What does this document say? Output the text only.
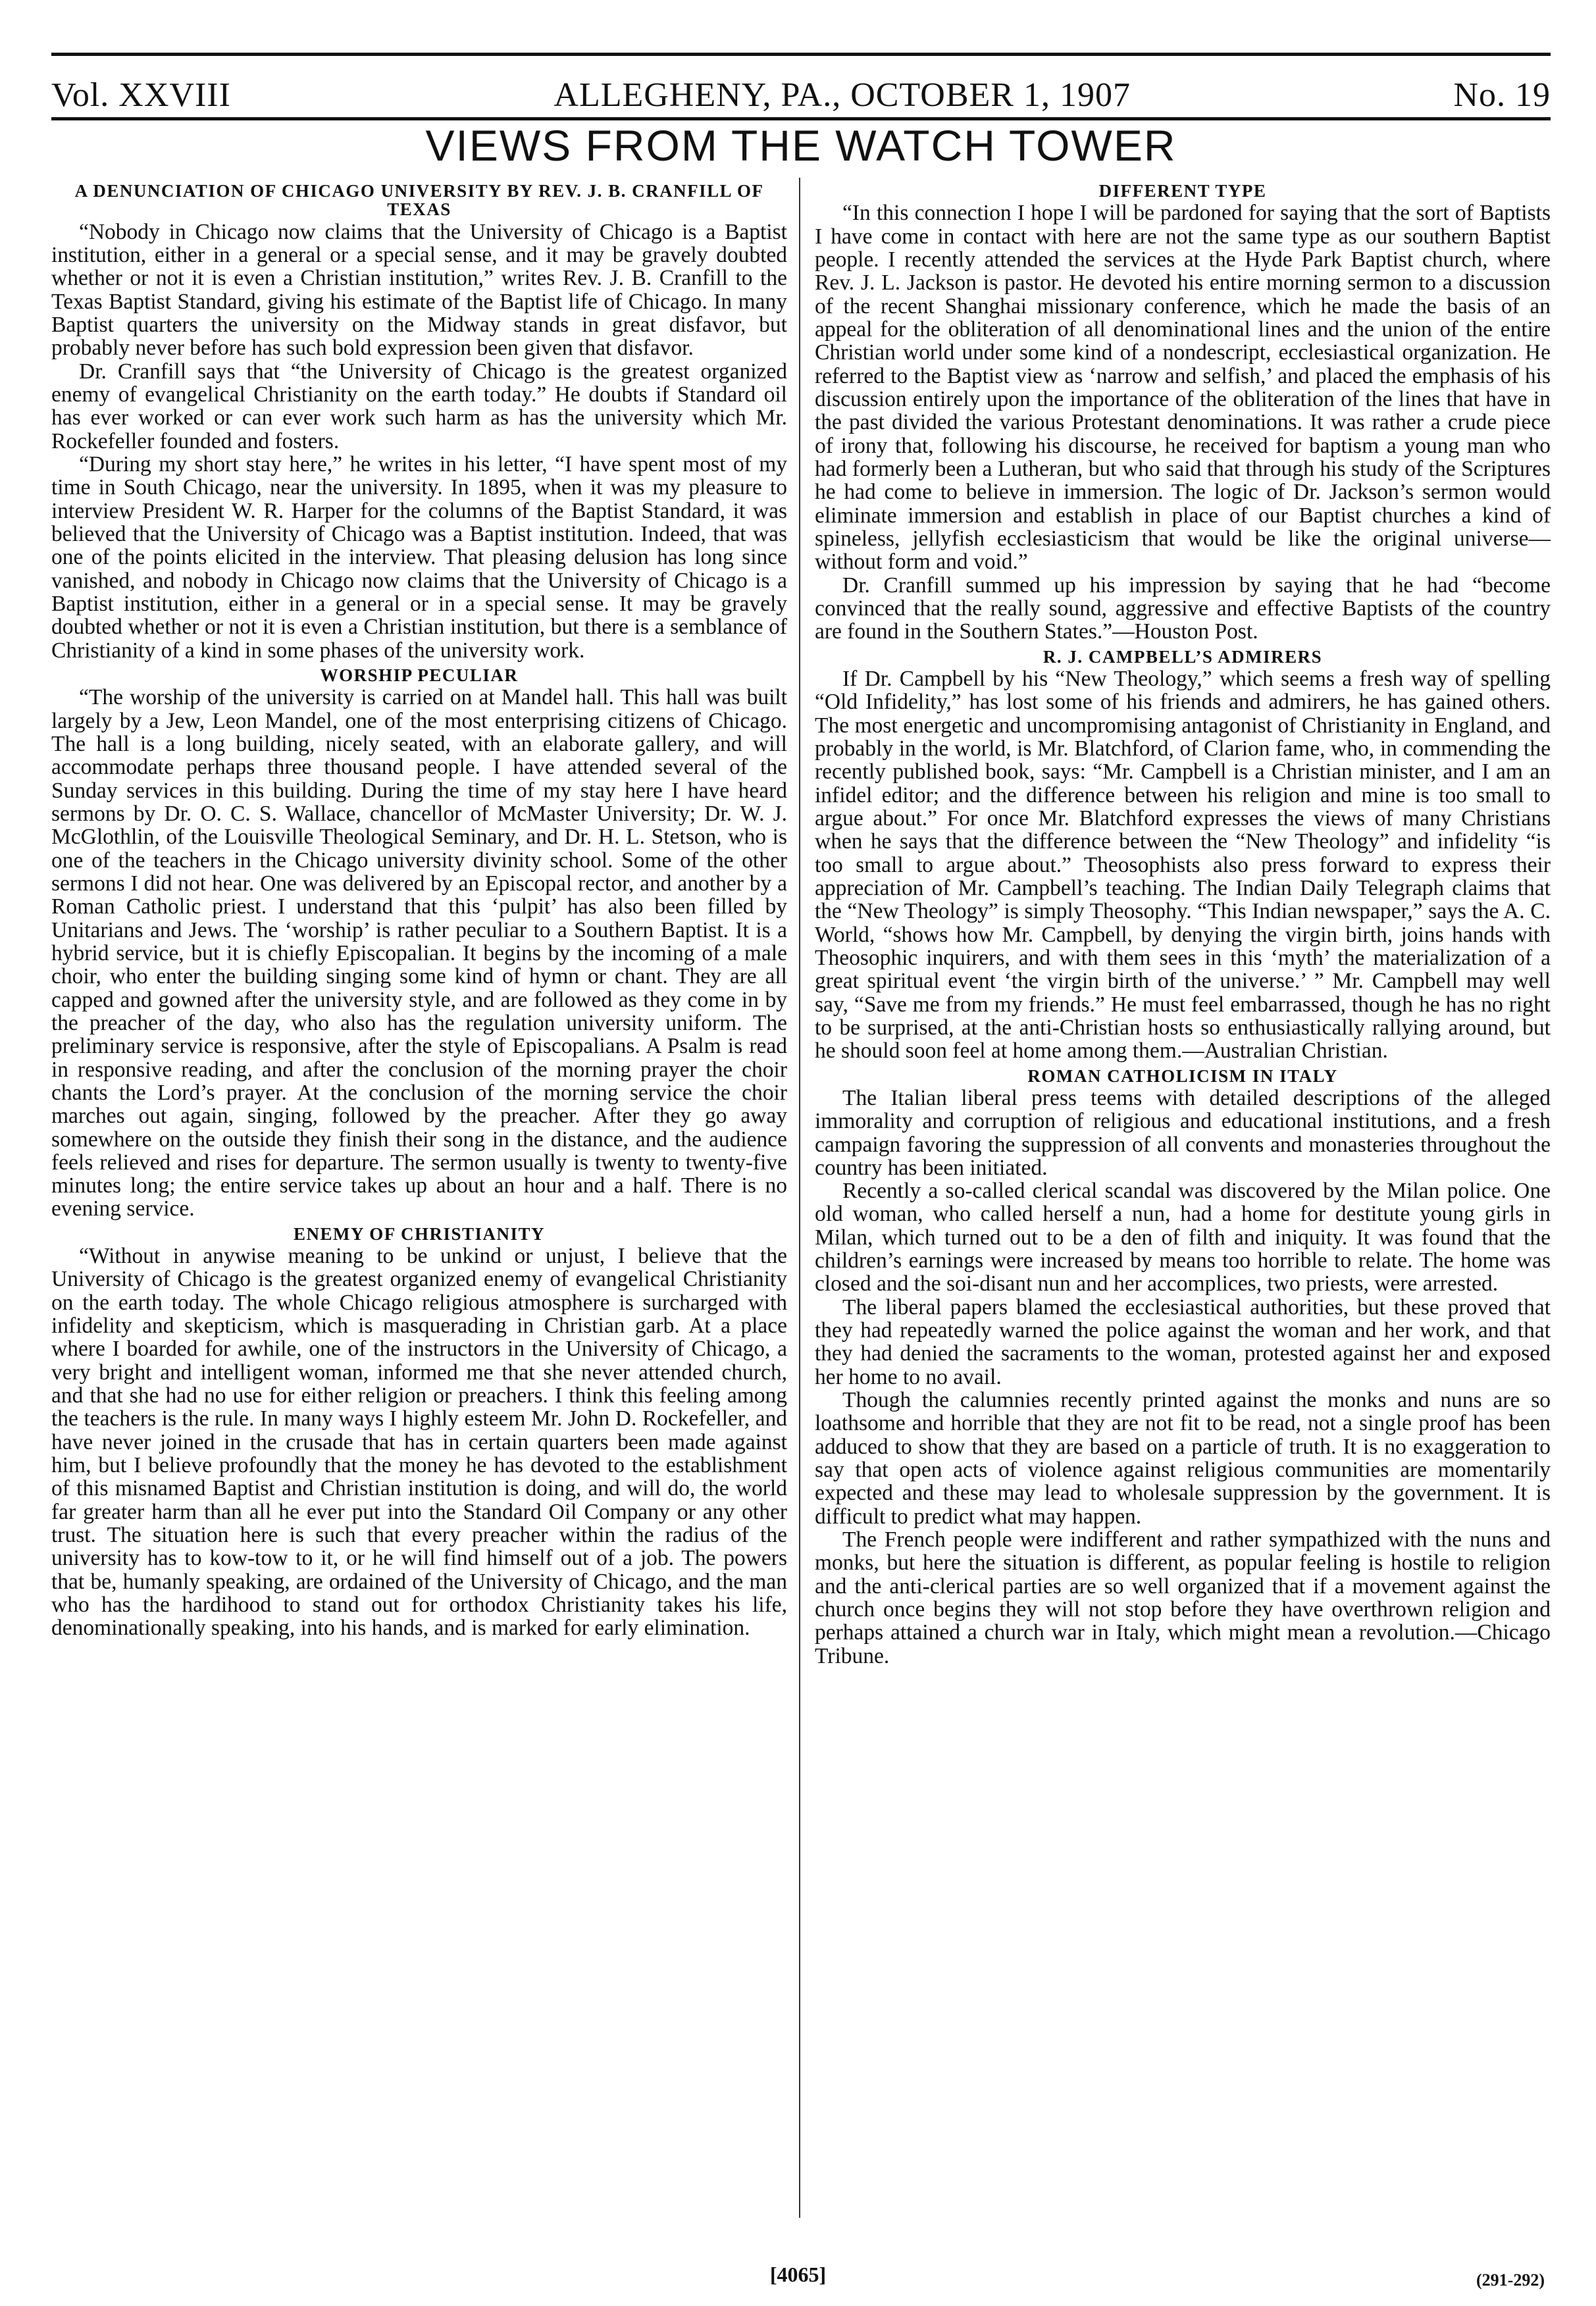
Vol. XXVIII	ALLEGHENY, PA., OCTOBER 1, 1907	No. 19
VIEWS FROM THE WATCH TOWER
A DENUNCIATION OF CHICAGO UNIVERSITY BY REV. J. B. CRANFILL OF TEXAS

“Nobody in Chicago now claims that the University of Chicago is a Baptist institution, either in a general or a special sense, and it may be gravely doubted whether or not it is even a Christian institution,” writes Rev. J. B. Cranfill to the Texas Baptist Standard, giving his estimate of the Baptist life of Chicago. In many Baptist quarters the university on the Midway stands in great disfavor, but probably never before has such bold expression been given that disfavor.

Dr. Cranfill says that “the University of Chicago is the greatest organized enemy of evangelical Christianity on the earth today.” He doubts if Standard oil has ever worked or can ever work such harm as has the university which Mr. Rockefeller founded and fosters.

“During my short stay here,” he writes in his letter, “I have spent most of my time in South Chicago, near the university. In 1895, when it was my pleasure to interview President W. R. Harper for the columns of the Baptist Standard, it was believed that the University of Chicago was a Baptist institution. Indeed, that was one of the points elicited in the interview. That pleasing delusion has long since vanished, and nobody in Chicago now claims that the University of Chicago is a Baptist institution, either in a general or in a special sense. It may be gravely doubted whether or not it is even a Christian institution, but there is a semblance of Christianity of a kind in some phases of the university work.

WORSHIP PECULIAR

“The worship of the university is carried on at Mandel hall. This hall was built largely by a Jew, Leon Mandel, one of the most enterprising citizens of Chicago. The hall is a long building, nicely seated, with an elaborate gallery, and will accommodate perhaps three thousand people. I have attended several of the Sunday services in this building. During the time of my stay here I have heard sermons by Dr. O. C. S. Wallace, chancellor of McMaster University; Dr. W. J. McGlothlin, of the Louisville Theological Seminary, and Dr. H. L. Stetson, who is one of the teachers in the Chicago university divinity school. Some of the other sermons I did not hear. One was delivered by an Episcopal rector, and another by a Roman Catholic priest. I understand that this ‘pulpit’ has also been filled by Unitarians and Jews. The ‘worship’ is rather peculiar to a Southern Baptist. It is a hybrid service, but it is chiefly Episcopalian. It begins by the incoming of a male choir, who enter the building singing some kind of hymn or chant. They are all capped and gowned after the university style, and are followed as they come in by the preacher of the day, who also has the regulation university uniform. The preliminary service is responsive, after the style of Episcopalians. A Psalm is read in responsive reading, and after the conclusion of the morning prayer the choir chants the Lord’s prayer. At the conclusion of the morning service the choir marches out again, singing, followed by the preacher. After they go away somewhere on the outside they finish their song in the distance, and the audience feels relieved and rises for departure. The sermon usually is twenty to twenty-five minutes long; the entire service takes up about an hour and a half. There is no evening service.

ENEMY OF CHRISTIANITY

“Without in anywise meaning to be unkind or unjust, I believe that the University of Chicago is the greatest organized enemy of evangelical Christianity on the earth today. The whole Chicago religious atmosphere is surcharged with infidelity and skepticism, which is masquerading in Christian garb. At a place where I boarded for awhile, one of the instructors in the University of Chicago, a very bright and intelligent woman, informed me that she never attended church, and that she had no use for either religion or preachers. I think this feeling among the teachers is the rule. In many ways I highly esteem Mr. John D. Rockefeller, and have never joined in the crusade that has in certain quarters been made against him, but I believe profoundly that the money he has devoted to the establishment of this misnamed Baptist and Christian institution is doing, and will do, the world far greater harm than all he ever put into the Standard Oil Company or any other trust. The situation here is such that every preacher within the radius of the university has to kow-tow to it, or he will find himself out of a job. The powers that be, humanly speaking, are ordained of the University of Chicago, and the man who has the hardihood to stand out for orthodox Christianity takes his life, denominationally speaking, into his hands, and is marked for early elimination.

DIFFERENT TYPE

“In this connection I hope I will be pardoned for saying that the sort of Baptists I have come in contact with here are not the same type as our southern Baptist people. I recently attended the services at the Hyde Park Baptist church, where Rev. J. L. Jackson is pastor. He devoted his entire morning sermon to a discussion of the recent Shanghai missionary conference, which he made the basis of an appeal for the obliteration of all denominational lines and the union of the entire Christian world under some kind of a nondescript, ecclesiastical organization. He referred to the Baptist view as ‘narrow and selfish,’ and placed the emphasis of his discussion entirely upon the importance of the obliteration of the lines that have in the past divided the various Protestant denominations. It was rather a crude piece of irony that, following his discourse, he received for baptism a young man who had formerly been a Lutheran, but who said that through his study of the Scriptures he had come to believe in immersion. The logic of Dr. Jackson’s sermon would eliminate immersion and establish in place of our Baptist churches a kind of spineless, jellyfish ecclesiasticism that would be like the original universe—without form and void.”

Dr. Cranfill summed up his impression by saying that he had “become convinced that the really sound, aggressive and effective Baptists of the country are found in the Southern States.”—Houston Post.

R. J. CAMPBELL’S ADMIRERS

If Dr. Campbell by his “New Theology,” which seems a fresh way of spelling “Old Infidelity,” has lost some of his friends and admirers, he has gained others. The most energetic and uncompromising antagonist of Christianity in England, and probably in the world, is Mr. Blatchford, of Clarion fame, who, in commending the recently published book, says: “Mr. Campbell is a Christian minister, and I am an infidel editor; and the difference between his religion and mine is too small to argue about.” For once Mr. Blatchford expresses the views of many Christians when he says that the difference between the “New Theology” and infidelity “is too small to argue about.” Theosophists also press forward to express their appreciation of Mr. Campbell’s teaching. The Indian Daily Telegraph claims that the “New Theology” is simply Theosophy. “This Indian newspaper,” says the A. C. World, “shows how Mr. Campbell, by denying the virgin birth, joins hands with Theosophic inquirers, and with them sees in this ‘myth’ the materialization of a great spiritual event ‘the virgin birth of the universe.’ ” Mr. Campbell may well say, “Save me from my friends.” He must feel embarrassed, though he has no right to be surprised, at the anti-Christian hosts so enthusiastically rallying around, but he should soon feel at home among them.—Australian Christian.

ROMAN CATHOLICISM IN ITALY

The Italian liberal press teems with detailed descriptions of the alleged immorality and corruption of religious and educational institutions, and a fresh campaign favoring the suppression of all convents and monasteries throughout the country has been initiated.

Recently a so-called clerical scandal was discovered by the Milan police. One old woman, who called herself a nun, had a home for destitute young girls in Milan, which turned out to be a den of filth and iniquity. It was found that the children’s earnings were increased by means too horrible to relate. The home was closed and the soi-disant nun and her accomplices, two priests, were arrested.

The liberal papers blamed the ecclesiastical authorities, but these proved that they had repeatedly warned the police against the woman and her work, and that they had denied the sacraments to the woman, protested against her and exposed her home to no avail.

Though the calumnies recently printed against the monks and nuns are so loathsome and horrible that they are not fit to be read, not a single proof has been adduced to show that they are based on a particle of truth. It is no exaggeration to say that open acts of violence against religious communities are momentarily expected and these may lead to wholesale suppression by the government. It is difficult to predict what may happen.

The French people were indifferent and rather sympathized with the nuns and monks, but here the situation is different, as popular feeling is hostile to religion and the anti-clerical parties are so well organized that if a movement against the church once begins they will not stop before they have overthrown religion and perhaps attained a church war in Italy, which might mean a revolution.—Chicago Tribune.

[4065]	(291-292)
